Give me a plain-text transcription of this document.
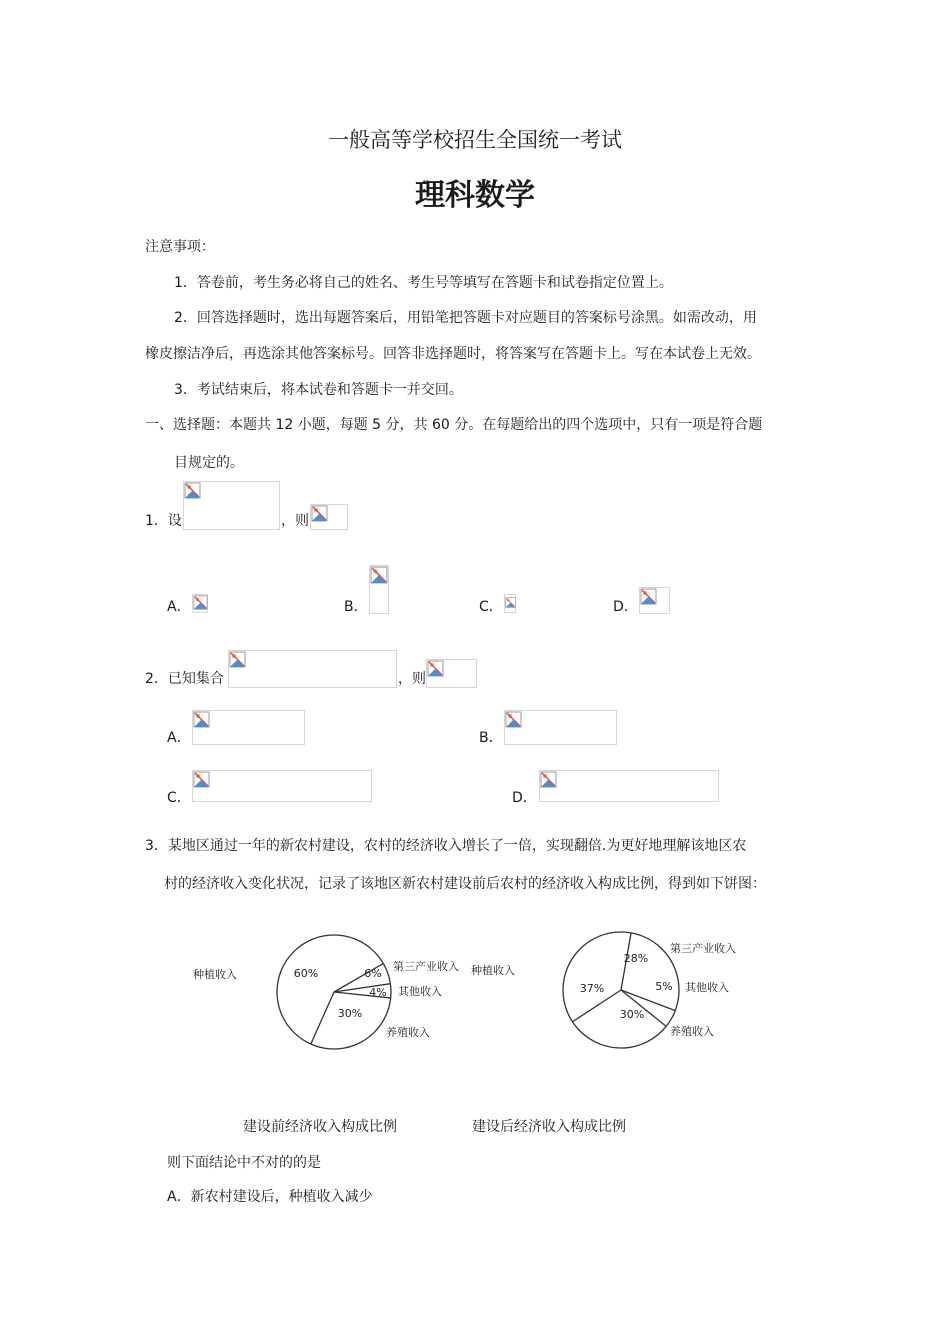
一般高等学校招生全国统一考试
理科数学
注意事项：
1．答卷前，考生务必将自己的姓名、考生号等填写在答题卡和试卷指定位置上。
2．回答选择题时，选出每题答案后，用铅笔把答题卡对应题目的答案标号涂黑。如需改动，用
橡皮擦洁净后，再选涂其他答案标号。回答非选择题时，将答案写在答题卡上。写在本试卷上无效。
3．考试结束后，将本试卷和答题卡一并交回。
一、选择题：本题共 12 小题，每题 5 分，共 60 分。在每题给出的四个选项中，只有一项是符合题
目规定的。
1．设	，则
A．	B．	C．	D．
2．已知集合	，则
A．	B．
C．	D．
3．某地区通过一年的新农村建设，农村的经济收入增长了一倍，实现翻倍.为更好地理解该地区农
村的经济收入变化状况，记录了该地区新农村建设前后农村的经济收入构成比例，得到如下饼图：
种植收入	60%
第三产业收入
6%
其他收入
4%
养殖收入
30%
种植收入
37%
第三产业收入
28%
其他收入
5%
养殖收入
30%
建设前经济收入构成比例	建设后经济收入构成比例
则下面结论中不对的的是
A．新农村建设后，种植收入减少
